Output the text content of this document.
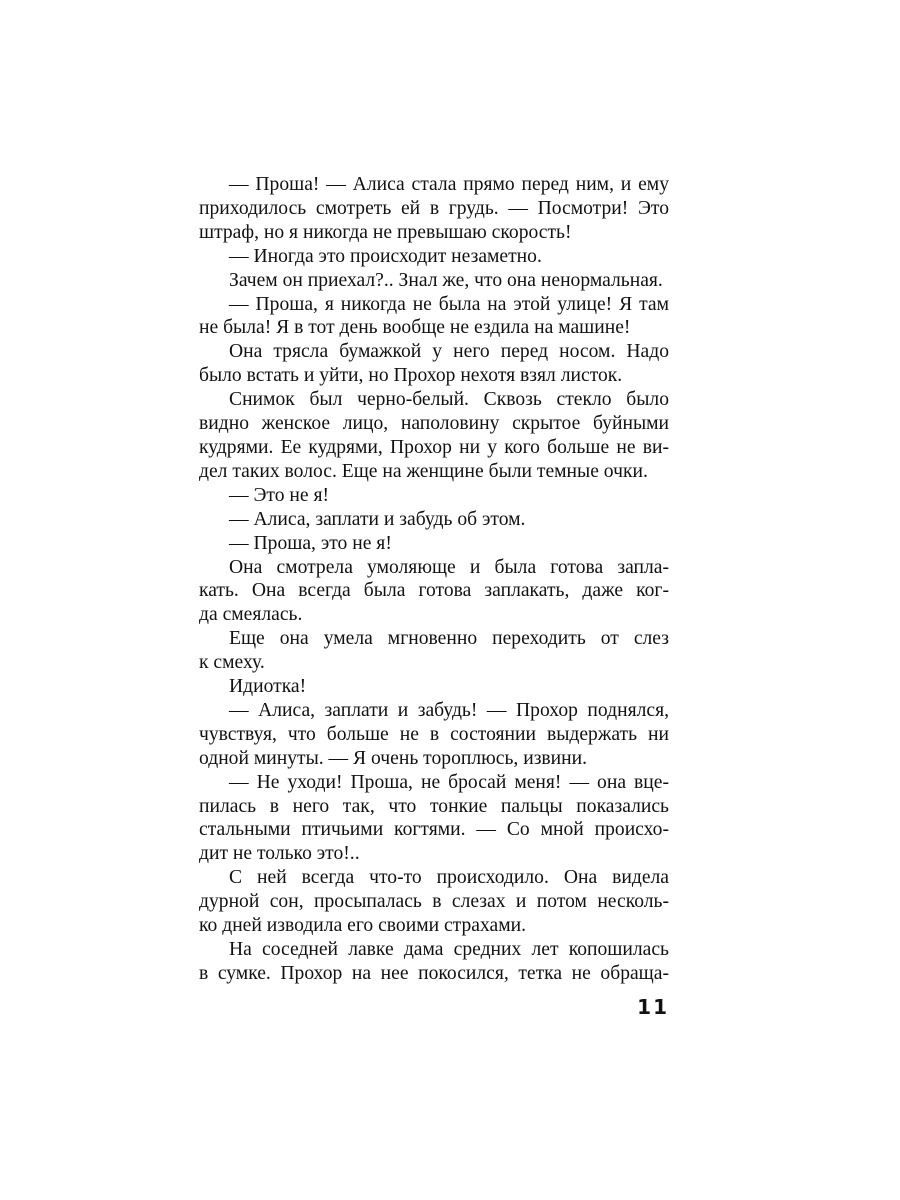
— Проша! — Алиса стала прямо перед ним, и ему
приходилось смотреть ей в грудь. — Посмотри! Это
штраф, но я никогда не превышаю скорость!
— Иногда это происходит незаметно.
Зачем он приехал?.. Знал же, что она ненормальная.
— Проша, я никогда не была на этой улице! Я там
не была! Я в тот день вообще не ездила на машине!
Она трясла бумажкой у него перед носом. Надо
было встать и уйти, но Прохор нехотя взял листок.
Снимок был черно-белый. Сквозь стекло было
видно женское лицо, наполовину скрытое буйными
кудрями. Ее кудрями, Прохор ни у кого больше не ви-
дел таких волос. Еще на женщине были темные очки.
— Это не я!
— Алиса, заплати и забудь об этом.
— Проша, это не я!
Она смотрела умоляюще и была готова запла-
кать. Она всегда была готова заплакать, даже ког-
да смеялась.
Еще она умела мгновенно переходить от слез
к смеху.
Идиотка!
— Алиса, заплати и забудь! — Прохор поднялся,
чувствуя, что больше не в состоянии выдержать ни
одной минуты. — Я очень тороплюсь, извини.
— Не уходи! Проша, не бросай меня! — она вце-
пилась в него так, что тонкие пальцы показались
стальными птичьими когтями. — Со мной происхо-
дит не только это!..
С ней всегда что-то происходило. Она видела
дурной сон, просыпалась в слезах и потом несколь-
ко дней изводила его своими страхами.
На соседней лавке дама средних лет копошилась
в сумке. Прохор на нее покосился, тетка не обраща-
11
